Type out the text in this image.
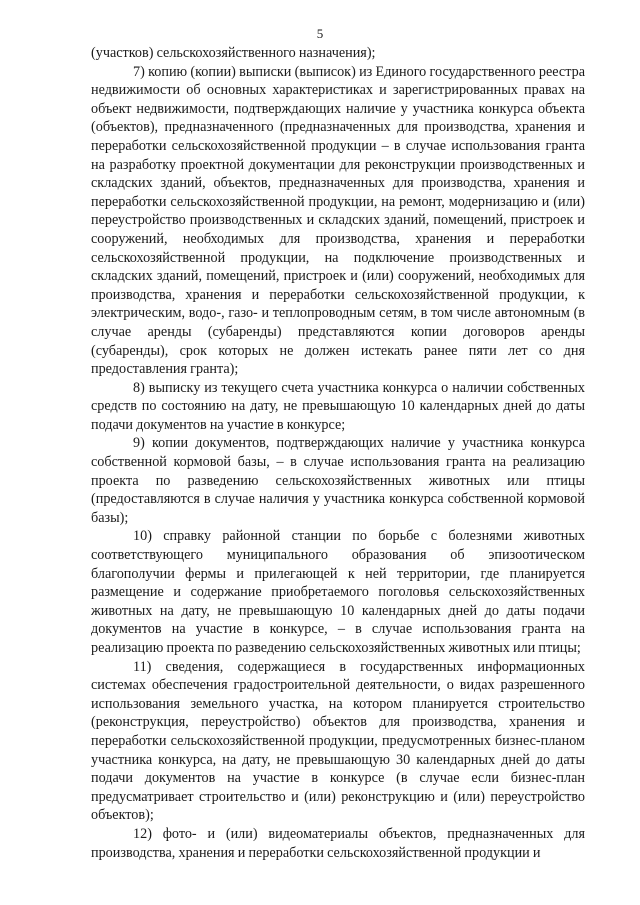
5

(участков) сельскохозяйственного назначения);

7) копию (копии) выписки (выписок) из Единого государственного реестра недвижимости об основных характеристиках и зарегистрированных правах на объект недвижимости, подтверждающих наличие у участника конкурса объекта (объектов), предназначенного (предназначенных для производства, хранения и переработки сельскохозяйственной продукции – в случае использования гранта на разработку проектной документации для реконструкции производственных и складских зданий, объектов, предназначенных для производства, хранения и переработки сельскохозяйственной продукции, на ремонт, модернизацию и (или) переустройство производственных и складских зданий, помещений, пристроек и сооружений, необходимых для производства, хранения и переработки сельскохозяйственной продукции, на подключение производственных и складских зданий, помещений, пристроек и (или) сооружений, необходимых для производства, хранения и переработки сельскохозяйственной продукции, к электрическим, водо-, газо- и теплопроводным сетям, в том числе автономным (в случае аренды (субаренды) представляются копии договоров аренды (субаренды), срок которых не должен истекать ранее пяти лет со дня предоставления гранта);

8) выписку из текущего счета участника конкурса о наличии собственных средств по состоянию на дату, не превышающую 10 календарных дней до даты подачи документов на участие в конкурсе;

9) копии документов, подтверждающих наличие у участника конкурса собственной кормовой базы, – в случае использования гранта на реализацию проекта по разведению сельскохозяйственных животных или птицы (предоставляются в случае наличия у участника конкурса собственной кормовой базы);

10) справку районной станции по борьбе с болезнями животных соответствующего муниципального образования об эпизоотическом благополучии фермы и прилегающей к ней территории, где планируется размещение и содержание приобретаемого поголовья сельскохозяйственных животных на дату, не превышающую 10 календарных дней до даты подачи документов на участие в конкурсе, – в случае использования гранта на реализацию проекта по разведению сельскохозяйственных животных или птицы;

11) сведения, содержащиеся в государственных информационных системах обеспечения градостроительной деятельности, о видах разрешенного использования земельного участка, на котором планируется строительство (реконструкция, переустройство) объектов для производства, хранения и переработки сельскохозяйственной продукции, предусмотренных бизнес-планом участника конкурса, на дату, не превышающую 30 календарных дней до даты подачи документов на участие в конкурсе (в случае если бизнес-план предусматривает строительство и (или) реконструкцию и (или) переустройство объектов);

12) фото- и (или) видеоматериалы объектов, предназначенных для производства, хранения и переработки сельскохозяйственной продукции и
